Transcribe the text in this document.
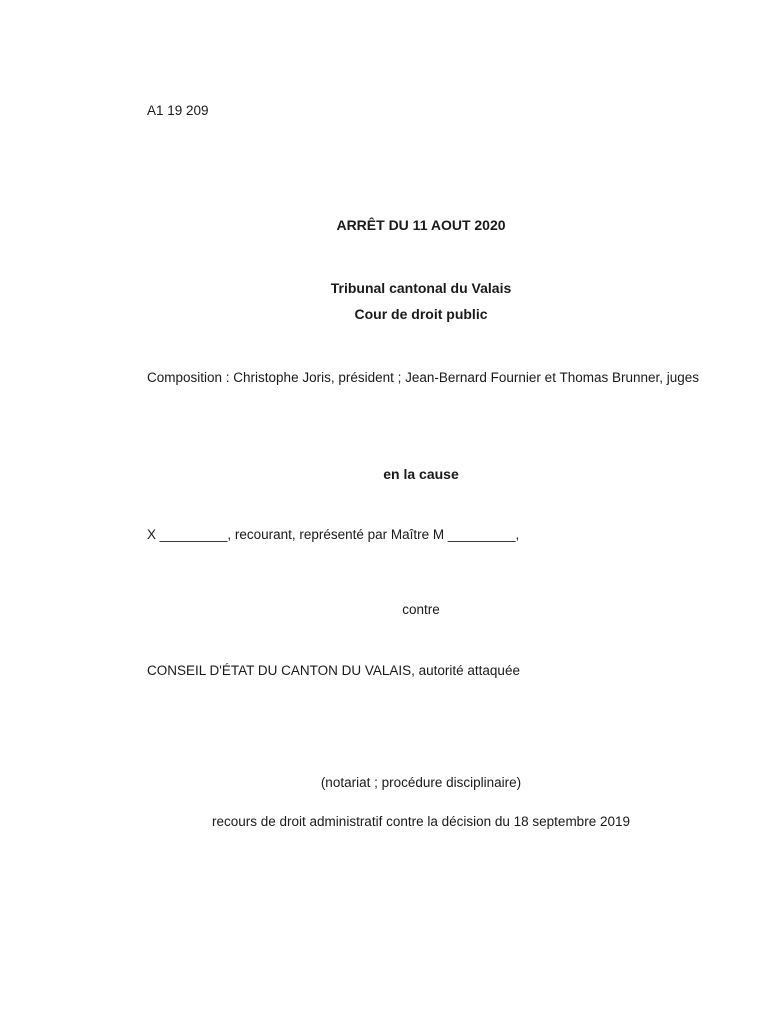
A1 19 209
ARRÊT DU 11 AOUT 2020
Tribunal cantonal du Valais
Cour de droit public
Composition : Christophe Joris, président ; Jean-Bernard Fournier et Thomas Brunner, juges
en la cause
X _________, recourant, représenté par Maître M _________,
contre
CONSEIL D'ÉTAT DU CANTON DU VALAIS, autorité attaquée
(notariat ; procédure disciplinaire)
recours de droit administratif contre la décision du 18 septembre 2019
